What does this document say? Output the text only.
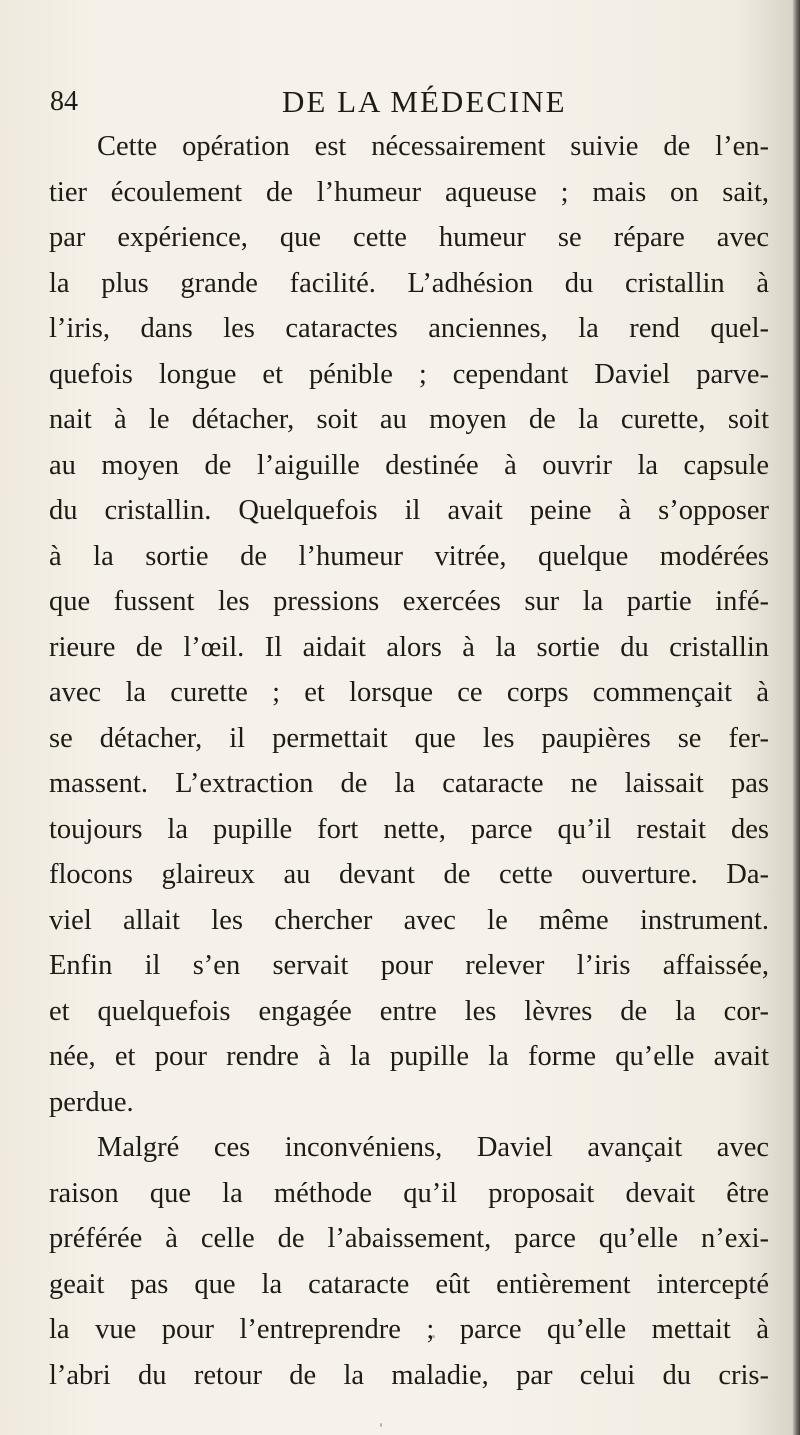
84	DE LA MÉDECINE
Cette opération est nécessairement suivie de l’en-
tier écoulement de l’humeur aqueuse ; mais on sait,
par expérience, que cette humeur se répare avec
la plus grande facilité. L’adhésion du cristallin à
l’iris, dans les cataractes anciennes, la rend quel-
quefois longue et pénible ; cependant Daviel parve-
nait à le détacher, soit au moyen de la curette, soit
au moyen de l’aiguille destinée à ouvrir la capsule
du cristallin. Quelquefois il avait peine à s’opposer
à la sortie de l’humeur vitrée, quelque modérées
que fussent les pressions exercées sur la partie infé-
rieure de l’œil. Il aidait alors à la sortie du cristallin
avec la curette ; et lorsque ce corps commençait à
se détacher, il permettait que les paupières se fer-
massent. L’extraction de la cataracte ne laissait pas
toujours la pupille fort nette, parce qu’il restait des
flocons glaireux au devant de cette ouverture. Da-
viel allait les chercher avec le même instrument.
Enfin il s’en servait pour relever l’iris affaissée,
et quelquefois engagée entre les lèvres de la cor-
née, et pour rendre à la pupille la forme qu’elle avait
perdue.
Malgré ces inconvéniens, Daviel avançait avec
raison que la méthode qu’il proposait devait être
préférée à celle de l’abaissement, parce qu’elle n’exi-
geait pas que la cataracte eût entièrement intercepté
la vue pour l’entreprendre ; parce qu’elle mettait à
l’abri du retour de la maladie, par celui du cris-
